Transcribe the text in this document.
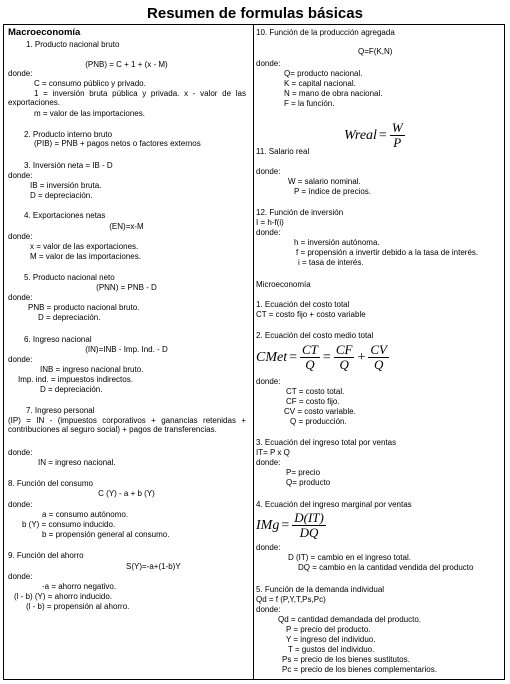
Resumen de formulas básicas
Macroeconomía
1. Producto nacional bruto
(PNB) = C + 1 + (x - M)
donde:
C = consumo público y privado.
1 = inversión bruta pública y privada. x - valor de las exportaciones.
m = valor de las importaciones.
2. Producto interno bruto
(PIB) = PNB + pagos netos o factores externos
3. Inversión neta = IB - D
donde:
IB = inversión bruta.
D = depreciación.
4. Exportaciones netas
(EN)=x-M
donde:
x = valor de las exportaciones.
M = valor de las importaciones.
5. Producto nacional neto
(PNN) = PNB - D
donde:
PNB = producto nacional bruto.
D = depreciación.
6. Ingreso nacional
(IN)=INB - Imp. Ind. - D
donde:
INB = ingreso nacional bruto.
Imp. ind. = impuestos indirectos.
D = depreciación.
7. Ingreso personal
(IP) = IN - (impuestos corporativos + ganancias retenidas + contribuciones al seguro social) + pagos de transferencias.
donde:
IN = ingreso nacional.
8. Función del consumo
C (Y) - a + b (Y)
donde:
a = consumo autónomo.
b (Y) = consumo inducido.
b = propensión general al consumo.
9. Función del ahorro
S(Y)=-a+(1-b)Y
donde:
-a = ahorro negativo.
(l - b) (Y) = ahorro inducido.
(l - b) = propensión al ahorro.
10. Función de la producción agregada
Q=F(K,N)
donde:
Q= producto nacional.
K = capital nacional.
N = mano de obra nacional.
F = la función.
Wreal = $\frac{W}{P}$
11. Salario real
donde:
W = salario nominal.
P = índice de precios.
12. Función de inversión
I = h-f(i)
donde:
h = inversión autónoma.
f = propensión a invertir debido a la tasa de interés.
i = tasa de interés.
Microeconomía
1. Ecuación del costo total
CT = costo fijo + costo variable
2. Ecuación del costo medio total
CMet = $\frac{CT}{Q} = \frac{CF}{Q} + \frac{CV}{Q}$
donde:
CT = costo total.
CF = costo fijo.
CV = costo variable.
Q = producción.
3. Ecuación del ingreso total por ventas
IT= P x Q
donde:
P= precio
Q= producto
4. Ecuación del ingreso marginal por ventas
IMg = $\frac{D(IT)}{DQ}$
donde:
D (IT) = cambio en el ingreso total.
DQ = cambio en la cantidad vendida del producto
5. Función de la demanda individual
Qd = f (P,Y,T,Ps,Pc)
donde:
Qd = cantidad demandada del producto.
P = precio del producto.
Y = ingreso del individuo.
T = gustos del individuo.
Ps = precio de los bienes sustitutos.
Pc = precio de los bienes complementarios.
